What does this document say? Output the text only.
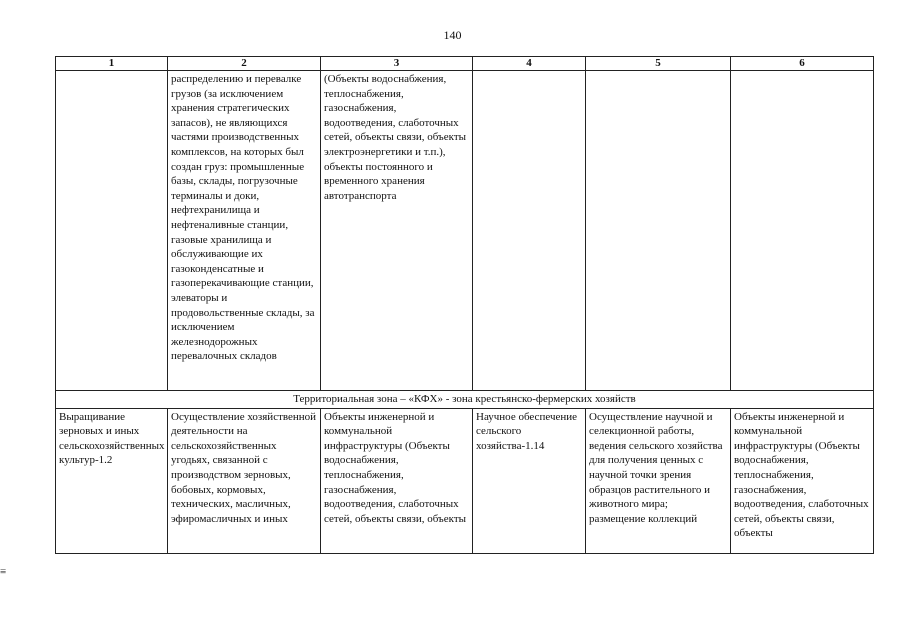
140
≡
1	2	3	4	5	6
	распределению и перевалке грузов (за исключением хранения стратегических запасов), не являющихся частями производственных комплексов, на которых был создан груз: промышленные базы, склады, погрузочные терминалы и доки, нефтехранилища и нефтеналивные станции, газовые хранилища и обслуживающие их газоконденсатные и газоперекачивающие станции, элеваторы и продовольственные склады, за исключением железнодорожных перевалочных складов	(Объекты водоснабжения, теплоснабжения, газоснабжения, водоотведения, слаботочных сетей, объекты связи, объекты электроэнергетики и т.п.), объекты постоянного и временного хранения автотранспорта			
Территориальная зона – «КФХ» - зона крестьянско-фермерских хозяйств					
Выращивание зерновых и иных сельскохозяйственных культур-1.2	Осуществление хозяйственной деятельности на сельскохозяйственных угодьях, связанной с производством зерновых, бобовых, кормовых, технических, масличных, эфиромасличных и иных	Объекты инженерной и коммунальной инфраструктуры (Объекты водоснабжения, теплоснабжения, газоснабжения, водоотведения, слаботочных сетей, объекты связи, объекты	Научное обеспечение сельского хозяйства-1.14	Осуществление научной и селекционной работы, ведения сельского хозяйства для получения ценных с научной точки зрения образцов растительного и животного мира; размещение коллекций	Объекты инженерной и коммунальной инфраструктуры (Объекты водоснабжения, теплоснабжения, газоснабжения, водоотведения, слаботочных сетей, объекты связи, объекты
